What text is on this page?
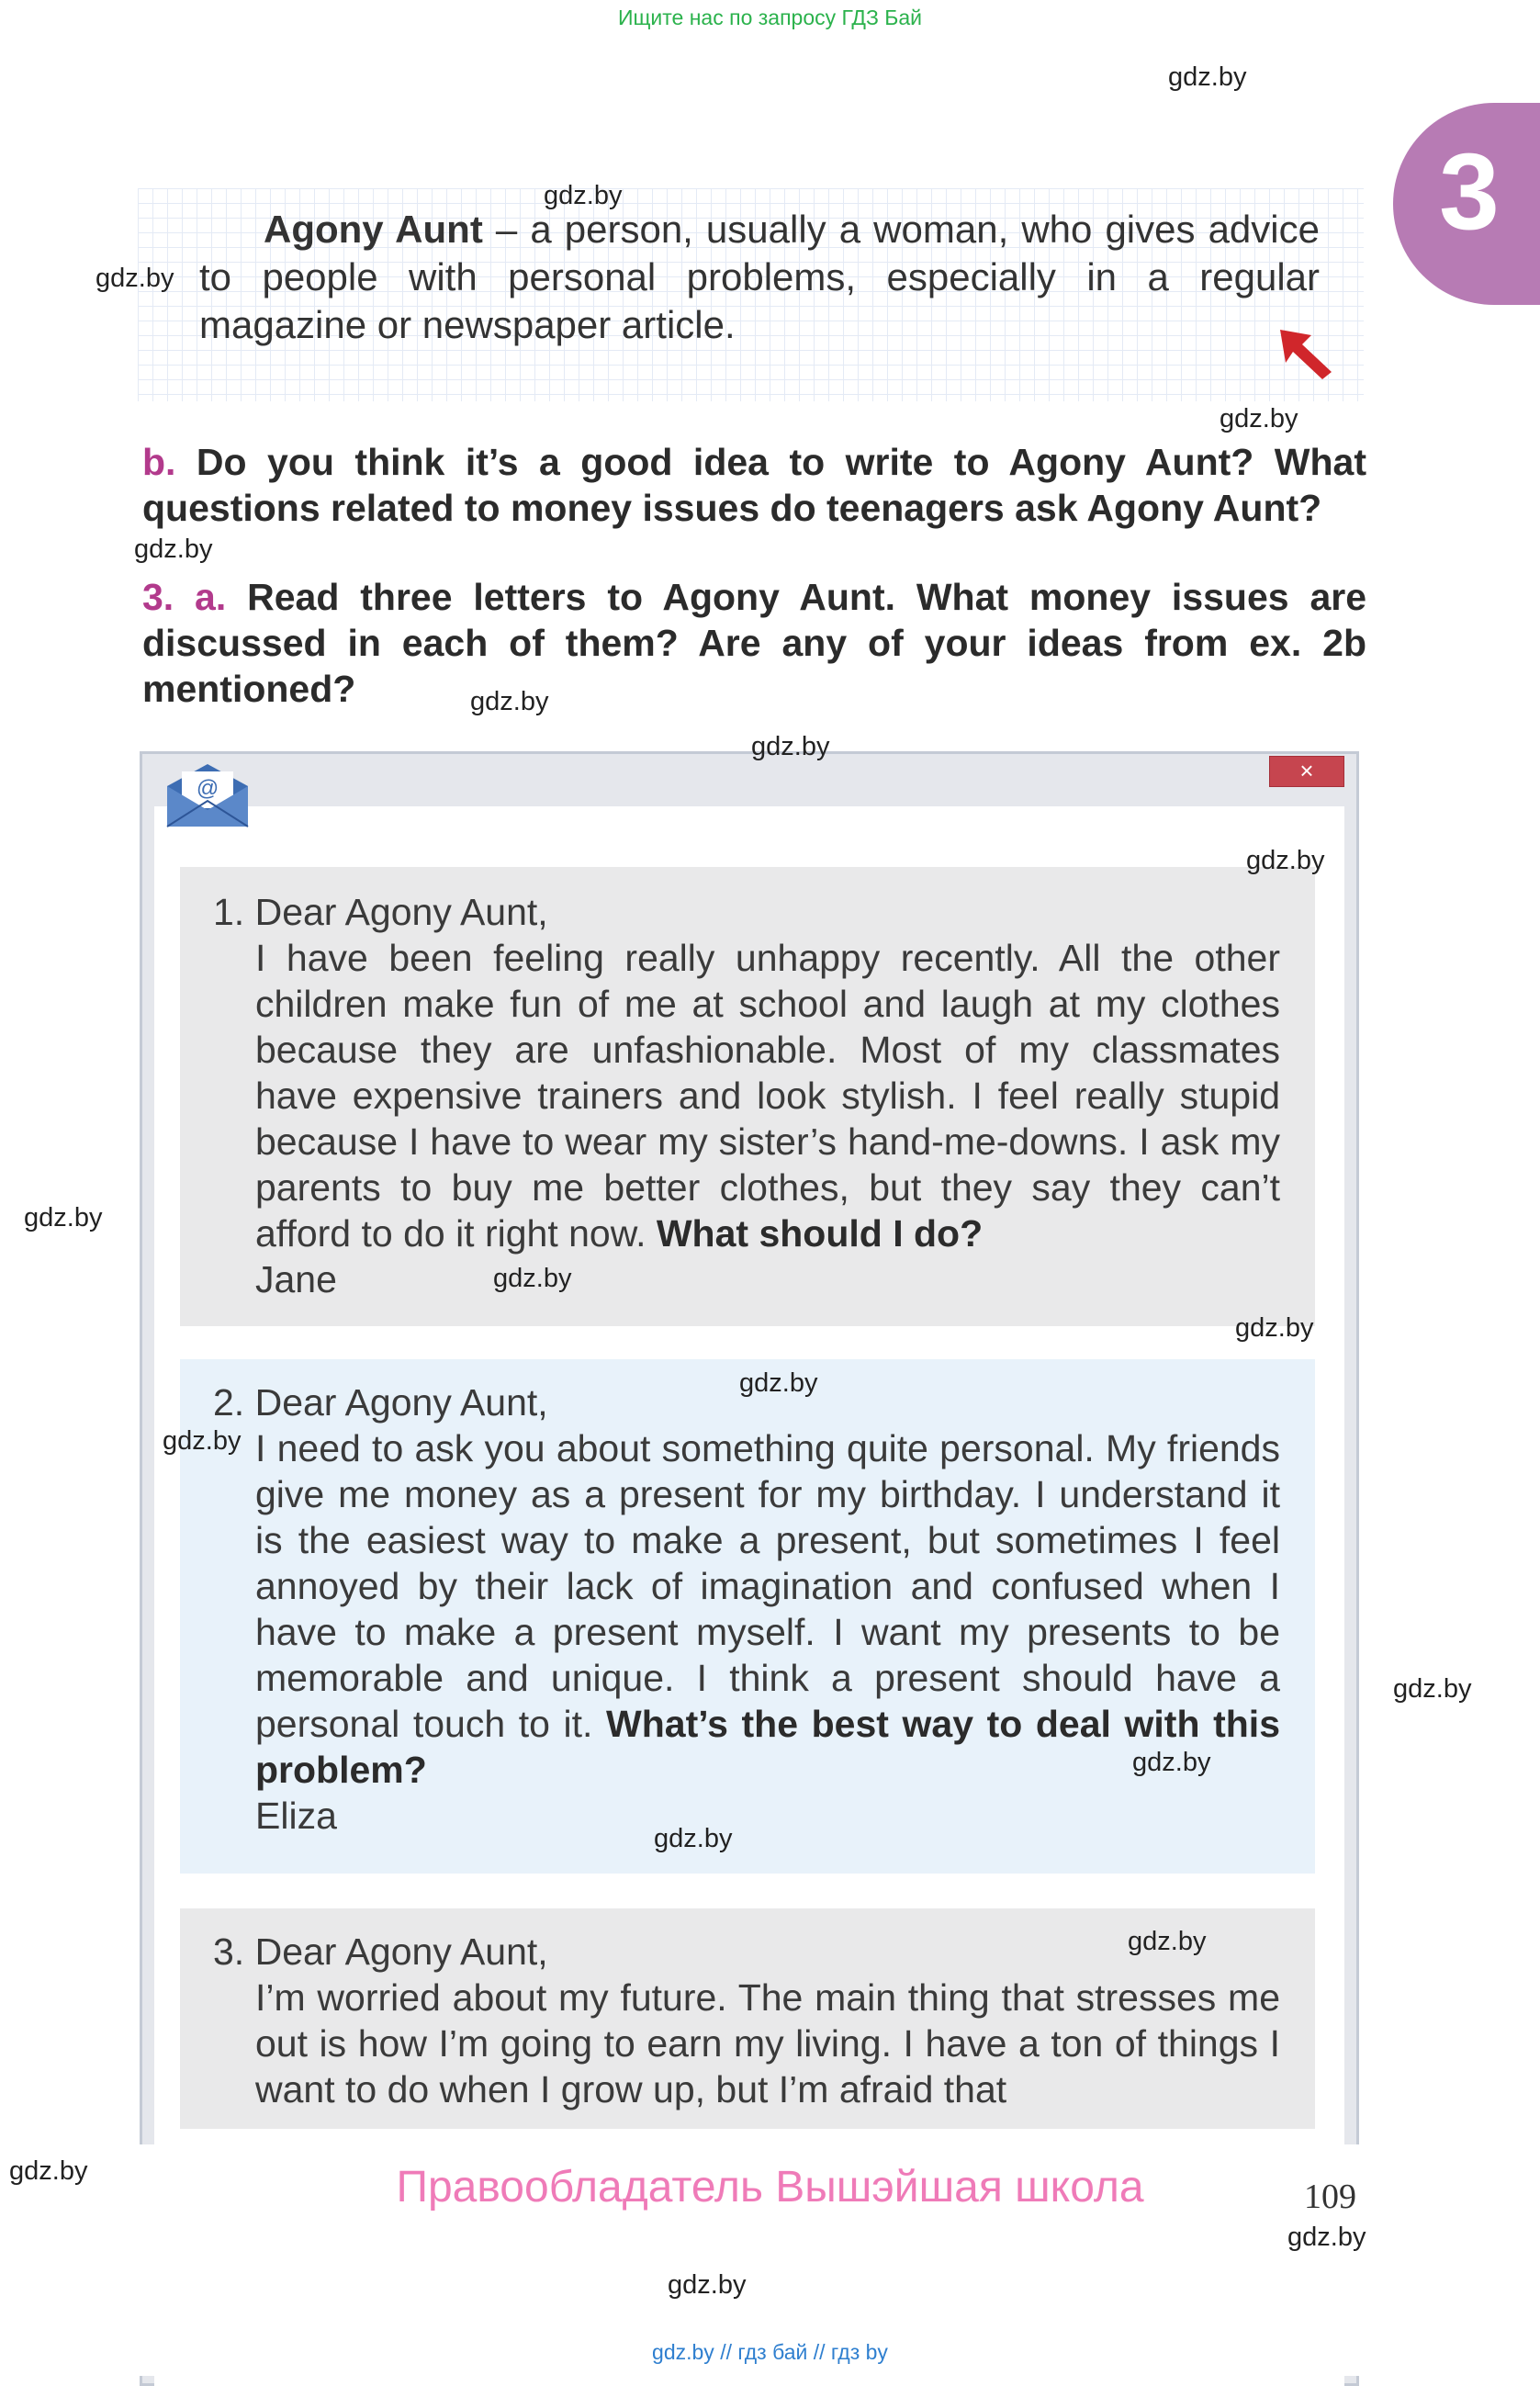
Ищите нас по запросу ГДЗ Бай
3
Agony Aunt – a person, usually a woman, who gives advice to people with personal problems, especially in a regular magazine or newspaper article.
b. Do you think it’s a good idea to write to Agony Aunt? What questions related to money issues do teenagers ask Agony Aunt?
3. a. Read three letters to Agony Aunt. What money issues are discussed in each of them? Are any of your ideas from ex. 2b mentioned?
@
×
1. Dear Agony Aunt,
I have been feeling really unhappy recently. All the other children make fun of me at school and laugh at my clothes because they are unfashionable. Most of my classmates have expensive trainers and look stylish. I feel really stupid because I have to wear my sister’s hand-me-downs. I ask my parents to buy me better clothes, but they say they can’t afford to do it right now. What should I do?
Jane
2. Dear Agony Aunt,
I need to ask you about something quite personal. My friends give me money as a present for my birthday. I understand it is the easiest way to make a present, but sometimes I feel annoyed by their lack of imagination and confused when I have to make a present myself. I want my presents to be memorable and unique. I think a present should have a personal touch to it. What’s the best way to deal with this problem?
Eliza
3. Dear Agony Aunt,
I’m worried about my future. The main thing that stresses me out is how I’m going to earn my living. I have a ton of things I want to do when I grow up, but I’m afraid that
Правообладатель Вышэйшая школа	109
gdz.by // гдз бай // гдз by
gdz.by
gdz.by
gdz.by
gdz.by
gdz.by
gdz.by
gdz.by
gdz.by
gdz.by
gdz.by
gdz.by
gdz.by
gdz.by
gdz.by
gdz.by
gdz.by
gdz.by
gdz.by
gdz.by
gdz.by
